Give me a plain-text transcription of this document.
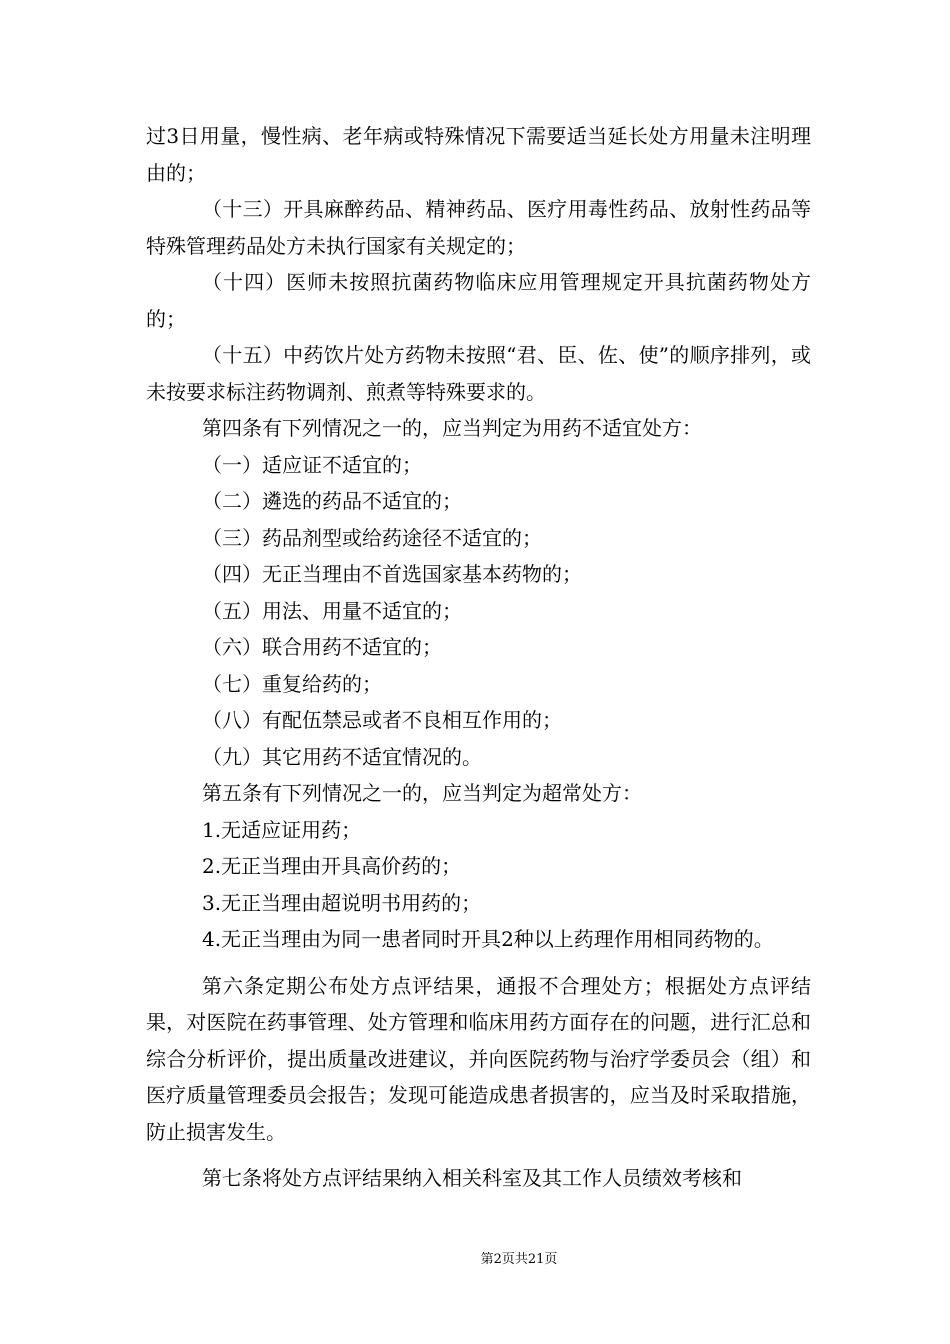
过3日用量，慢性病、老年病或特殊情况下需要适当延长处方用量未注明理由的；

（十三）开具麻醉药品、精神药品、医疗用毒性药品、放射性药品等特殊管理药品处方未执行国家有关规定的；

（十四）医师未按照抗菌药物临床应用管理规定开具抗菌药物处方的；

（十五）中药饮片处方药物未按照“君、臣、佐、使”的顺序排列，或未按要求标注药物调剂、煎煮等特殊要求的。

第四条有下列情况之一的，应当判定为用药不适宜处方：

（一）适应证不适宜的；

（二）遴选的药品不适宜的；

（三）药品剂型或给药途径不适宜的；

（四）无正当理由不首选国家基本药物的；

（五）用法、用量不适宜的；

（六）联合用药不适宜的；

（七）重复给药的；

（八）有配伍禁忌或者不良相互作用的；

（九）其它用药不适宜情况的。

第五条有下列情况之一的，应当判定为超常处方：

1.无适应证用药；

2.无正当理由开具高价药的；

3.无正当理由超说明书用药的；

4.无正当理由为同一患者同时开具2种以上药理作用相同药物的。

第六条定期公布处方点评结果，通报不合理处方；根据处方点评结果，对医院在药事管理、处方管理和临床用药方面存在的问题，进行汇总和综合分析评价，提出质量改进建议，并向医院药物与治疗学委员会（组）和医疗质量管理委员会报告；发现可能造成患者损害的，应当及时采取措施，防止损害发生。

第七条将处方点评结果纳入相关科室及其工作人员绩效考核和

第2页共21页
